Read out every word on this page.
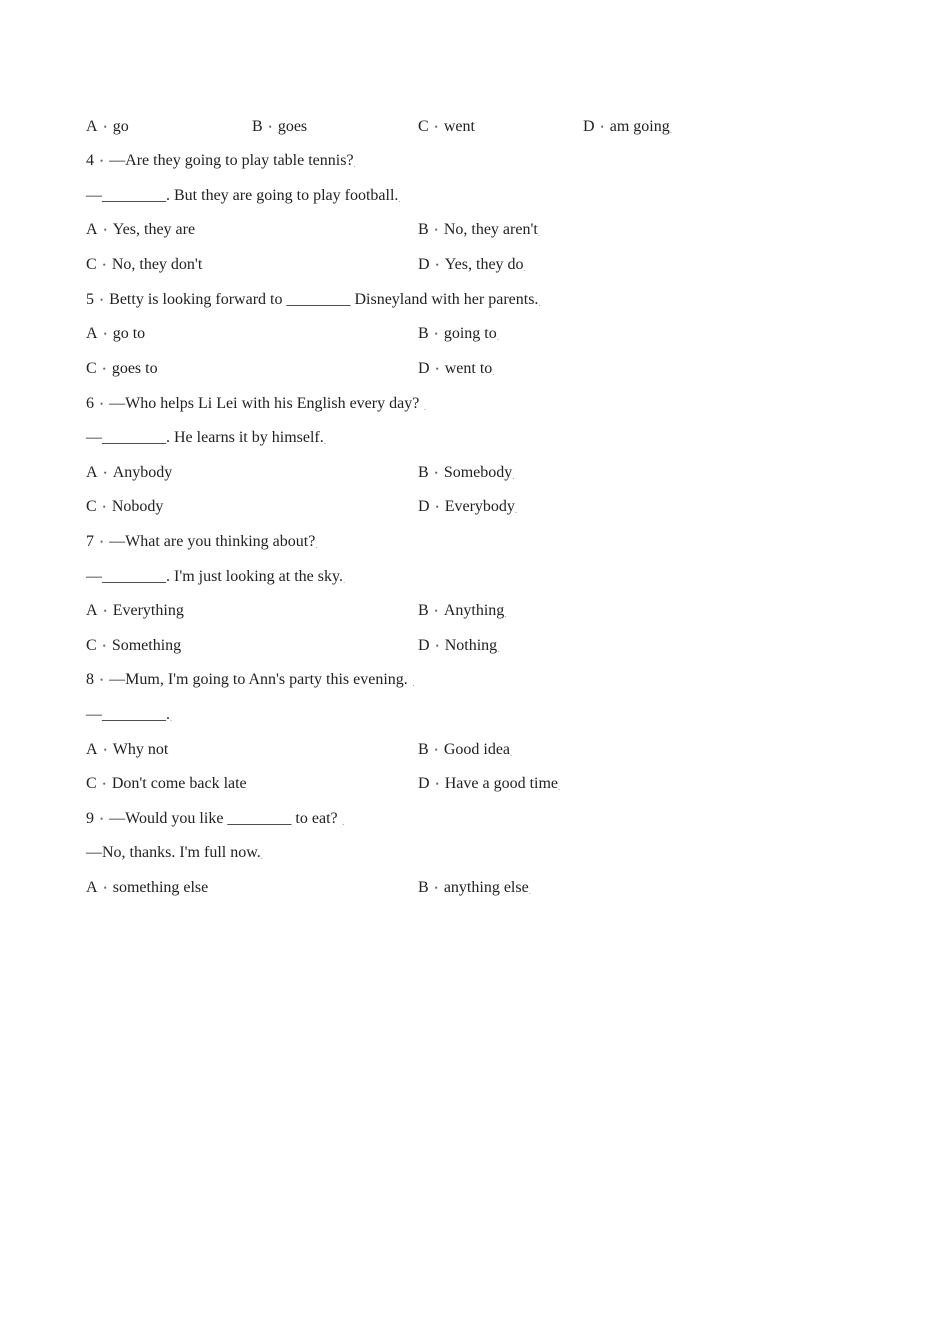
A • go	B • goes	C • went	D • am going.
4 • —Are they going to play table tennis?.
—________. But they are going to play football..
A • Yes, they are	B • No, they aren't.
C • No, they don't	D • Yes, they do.
5 • Betty is looking forward to ________ Disneyland with her parents..
A • go to	B • going to.
C • goes to	D • went to.
6 • —Who helps Li Lei with his English every day?  .
—________. He learns it by himself..
A • Anybody	B • Somebody.
C • Nobody	D • Everybody.
7 • —What are you thinking about?.
—________. I'm just looking at the sky..
A • Everything	B • Anything.
C • Something	D • Nothing.
8 • —Mum, I'm going to Ann's party this evening.  .
—________..
A • Why not	B • Good idea.
C • Don't come back late	D • Have a good time.
9 • —Would you like ________ to eat?  .
—No, thanks. I'm full now..
A • something else	B • anything else.
